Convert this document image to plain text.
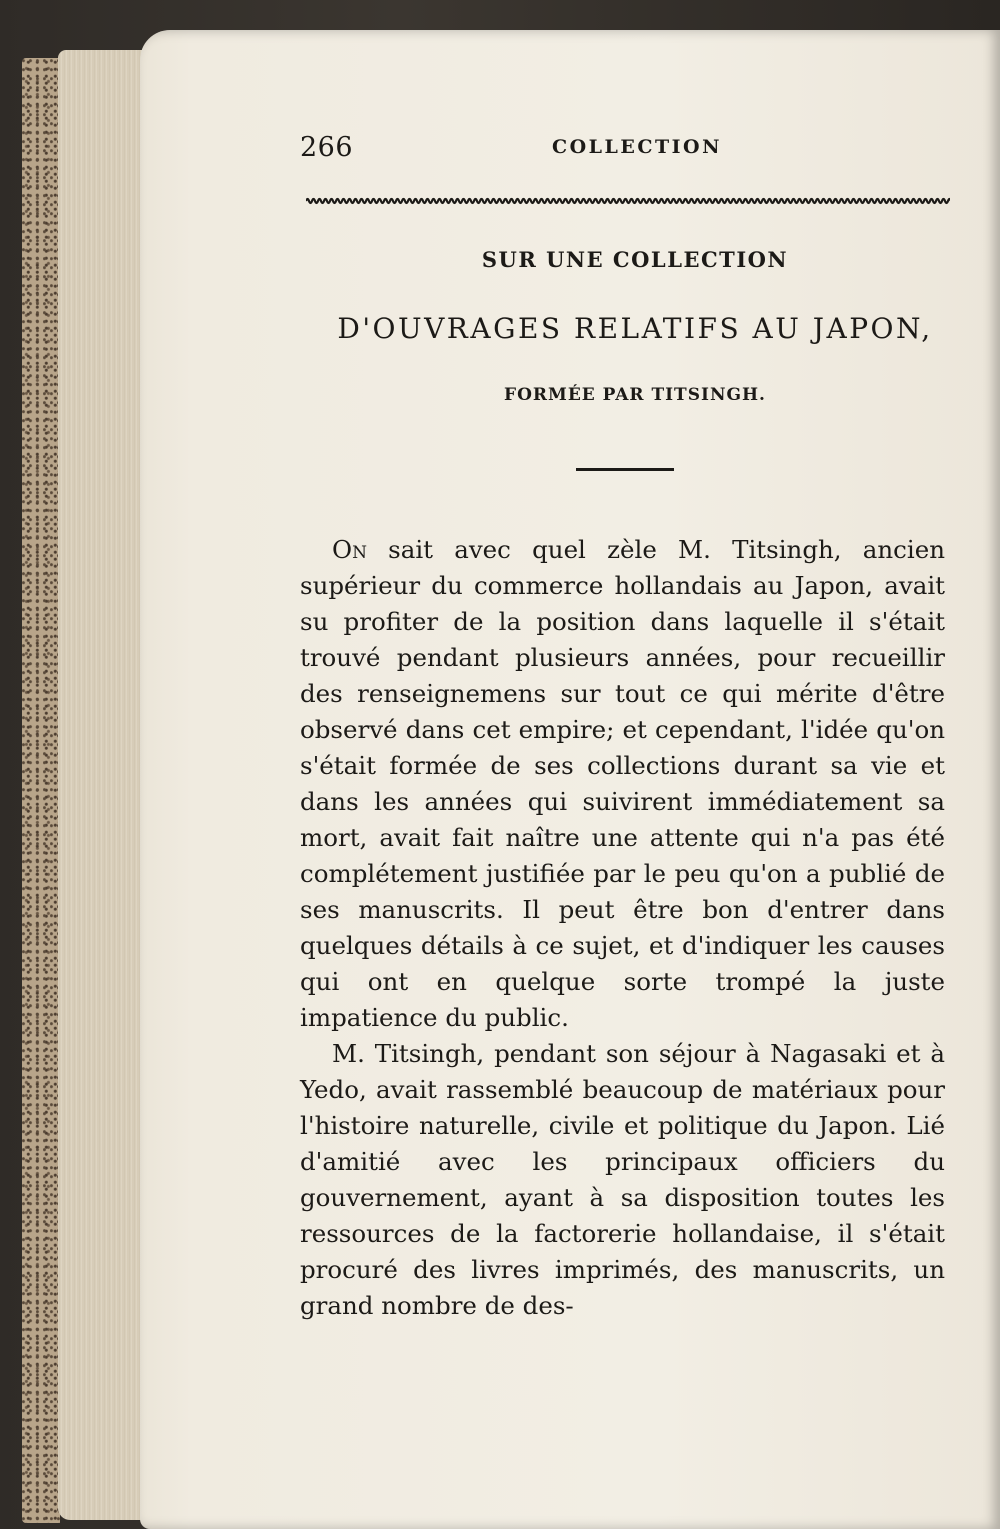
266	COLLECTION
SUR UNE COLLECTION
D'OUVRAGES RELATIFS AU JAPON,
FORMÉE PAR TITSINGH.

On sait avec quel zèle M. Titsingh, ancien supérieur du commerce hollandais au Japon, avait su profiter de la position dans laquelle il s'était trouvé pendant plusieurs années, pour recueillir des renseignemens sur tout ce qui mérite d'être observé dans cet empire; et cependant, l'idée qu'on s'était formée de ses collections durant sa vie et dans les années qui suivirent immédiatement sa mort, avait fait naître une attente qui n'a pas été complétement justifiée par le peu qu'on a publié de ses manuscrits. Il peut être bon d'entrer dans quelques détails à ce sujet, et d'indiquer les causes qui ont en quelque sorte trompé la juste impatience du public.

M. Titsingh, pendant son séjour à Nagasaki et à Yedo, avait rassemblé beaucoup de matériaux pour l'histoire naturelle, civile et politique du Japon. Lié d'amitié avec les principaux officiers du gouvernement, ayant à sa disposition toutes les ressources de la factorerie hollandaise, il s'était procuré des livres imprimés, des manuscrits, un grand nombre de des-
